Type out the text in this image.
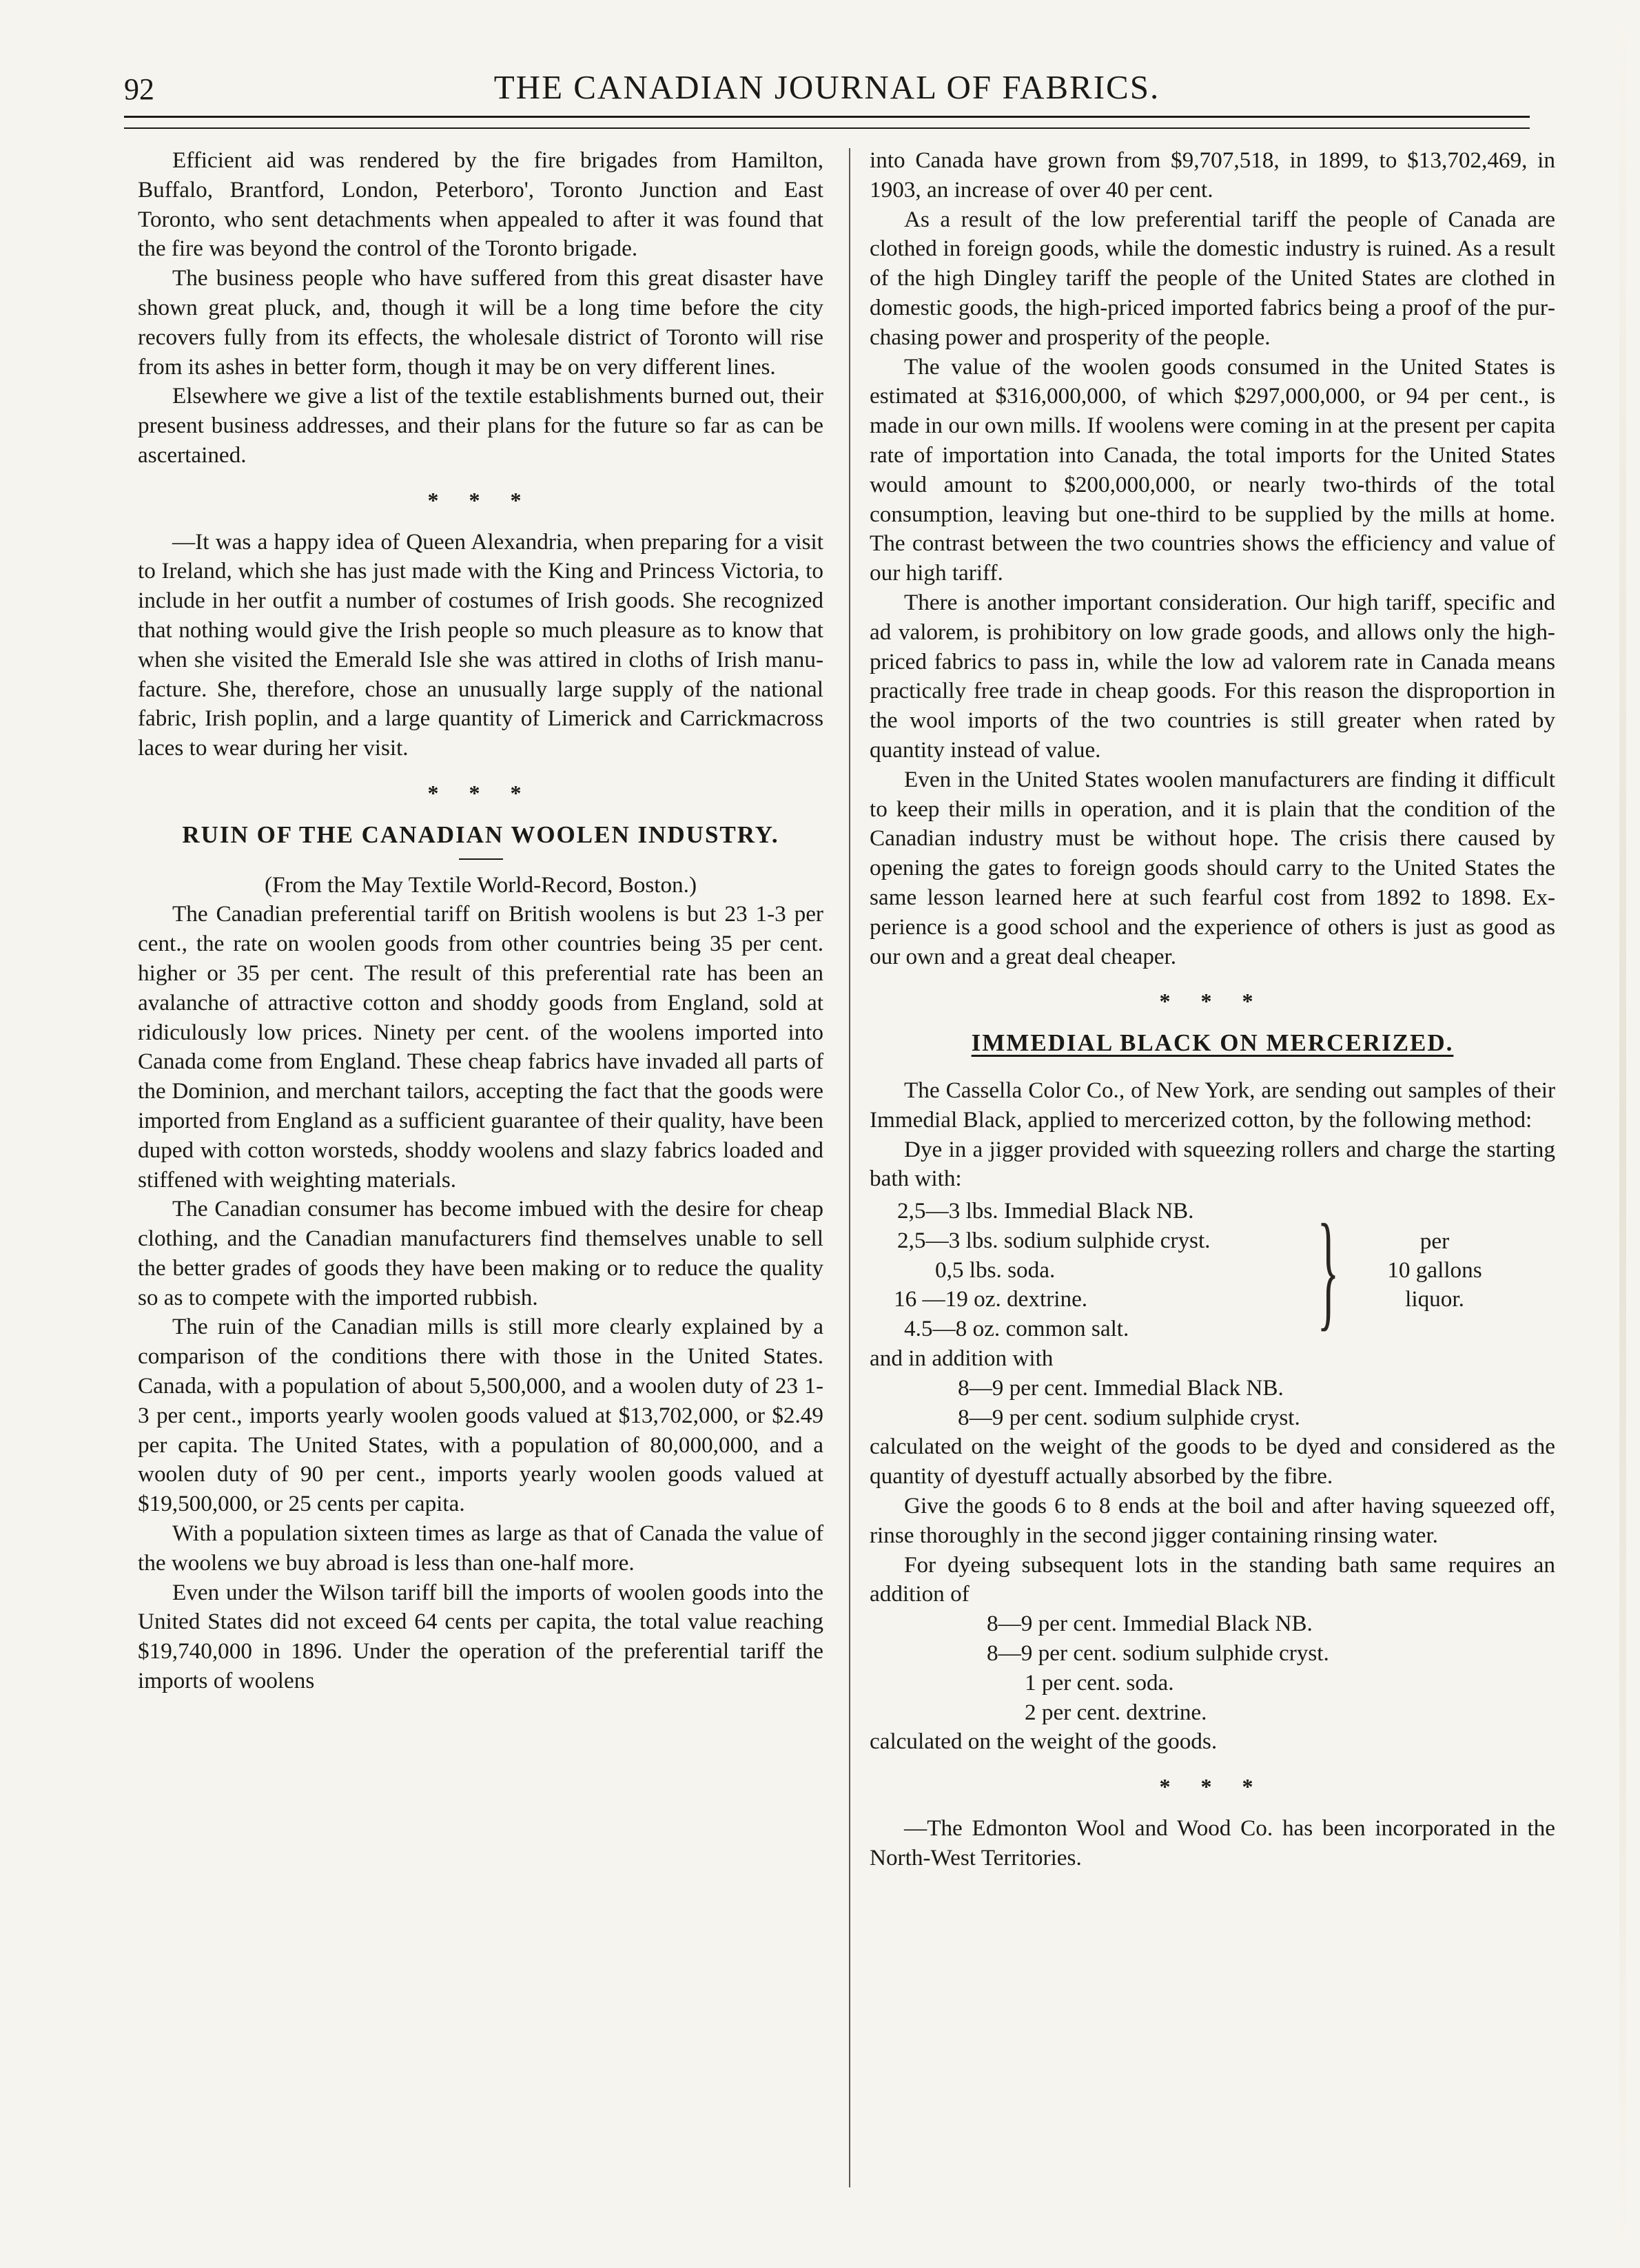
92	THE CANADIAN JOURNAL OF FABRICS.

Efficient aid was rendered by the fire brigades from Hamilton, Buffalo, Brantford, London, Peterboro', Toronto Junction and East Toronto, who sent detachments when appealed to after it was found that the fire was beyond the control of the Toronto brigade.

The business people who have suffered from this great disaster have shown great pluck, and, though it will be a long time before the city recovers fully from its effects, the wholesale district of Toronto will rise from its ashes in better form, though it may be on very different lines.

Elsewhere we give a list of the textile establishments burned out, their present business addresses, and their plans for the future so far as can be ascertained.

* * *

—It was a happy idea of Queen Alexandria, when preparing for a visit to Ireland, which she has just made with the King and Princess Victoria, to include in her outfit a number of costumes of Irish goods. She recognized that nothing would give the Irish people so much pleasure as to know that when she visited the Emerald Isle she was attired in cloths of Irish manufacture. She, therefore, chose an unusually large supply of the national fabric, Irish poplin, and a large quantity of Limerick and Carrickmacross laces to wear during her visit.

* * *
RUIN OF THE CANADIAN WOOLEN INDUSTRY.

(From the May Textile World-Record, Boston.)

The Canadian preferential tariff on British woolens is but 23 1-3 per cent., the rate on woolen goods from other countries being 35 per cent. higher or 35 per cent. The result of this preferential rate has been an avalanche of attractive cotton and shoddy goods from England, sold at ridiculously low prices. Ninety per cent. of the woolens imported into Canada come from England. These cheap fabrics have invaded all parts of the Dominion, and merchant tailors, accepting the fact that the goods were imported from England as a sufficient guarantee of their quality, have been duped with cotton worsteds, shoddy woolens and slazy fabrics loaded and stiffened with weighting materials.

The Canadian consumer has become imbued with the desire for cheap clothing, and the Canadian manufacturers find themselves unable to sell the better grades of goods they have been making or to reduce the quality so as to compete with the imported rubbish.

The ruin of the Canadian mills is still more clearly explained by a comparison of the conditions there with those in the United States. Canada, with a population of about 5,500,000, and a woolen duty of 23 1-3 per cent., imports yearly woolen goods valued at $13,702,000, or $2.49 per capita. The United States, with a population of 80,000,000, and a woolen duty of 90 per cent., imports yearly woolen goods valued at $19,500,000, or 25 cents per capita.

With a population sixteen times as large as that of Canada the value of the woolens we buy abroad is less than one-half more.

Even under the Wilson tariff bill the imports of woolen goods into the United States did not exceed 64 cents per capita, the total value reaching $19,740,000 in 1896. Under the operation of the preferential tariff the imports of woolens

into Canada have grown from $9,707,518, in 1899, to $13,702,469, in 1903, an increase of over 40 per cent.

As a result of the low preferential tariff the people of Canada are clothed in foreign goods, while the domestic industry is ruined. As a result of the high Dingley tariff the people of the United States are clothed in domestic goods, the high-priced imported fabrics being a proof of the purchasing power and prosperity of the people.

The value of the woolen goods consumed in the United States is estimated at $316,000,000, of which $297,000,000, or 94 per cent., is made in our own mills. If woolens were coming in at the present per capita rate of importation into Canada, the total imports for the United States would amount to $200,000,000, or nearly two-thirds of the total consumption, leaving but one-third to be supplied by the mills at home. The contrast between the two countries shows the efficiency and value of our high tariff.

There is another important consideration. Our high tariff, specific and ad valorem, is prohibitory on low grade goods, and allows only the high-priced fabrics to pass in, while the low ad valorem rate in Canada means practically free trade in cheap goods. For this reason the disproportion in the wool imports of the two countries is still greater when rated by quantity instead of value.

Even in the United States woolen manufacturers are finding it difficult to keep their mills in operation, and it is plain that the condition of the Canadian industry must be without hope. The crisis there caused by opening the gates to foreign goods should carry to the United States the same lesson learned here at such fearful cost from 1892 to 1898. Experience is a good school and the experience of others is just as good as our own and a great deal cheaper.

* * *
IMMEDIAL BLACK ON MERCERIZED.

The Cassella Color Co., of New York, are sending out samples of their Immedial Black, applied to mercerized cotton, by the following method:

Dye in a jigger provided with squeezing rollers and charge the starting bath with:

2,5—3 lbs. Immedial Black NB.
2,5—3 lbs. sodium sulphide cryst.
0,5 lbs. soda.
16 —19 oz. dextrine.
4.5—8 oz. common salt.	}	per
10 gallons
liquor.

and in addition with

8—9 per cent. Immedial Black NB.
8—9 per cent. sodium sulphide cryst.

calculated on the weight of the goods to be dyed and considered as the quantity of dyestuff actually absorbed by the fibre.

Give the goods 6 to 8 ends at the boil and after having squeezed off, rinse thoroughly in the second jigger containing rinsing water.

For dyeing subsequent lots in the standing bath same requires an addition of

8—9 per cent. Immedial Black NB.
8—9 per cent. sodium sulphide cryst.
1 per cent. soda.
2 per cent. dextrine.

calculated on the weight of the goods.

* * *

—The Edmonton Wool and Wood Co. has been incorporated in the North-West Territories.
